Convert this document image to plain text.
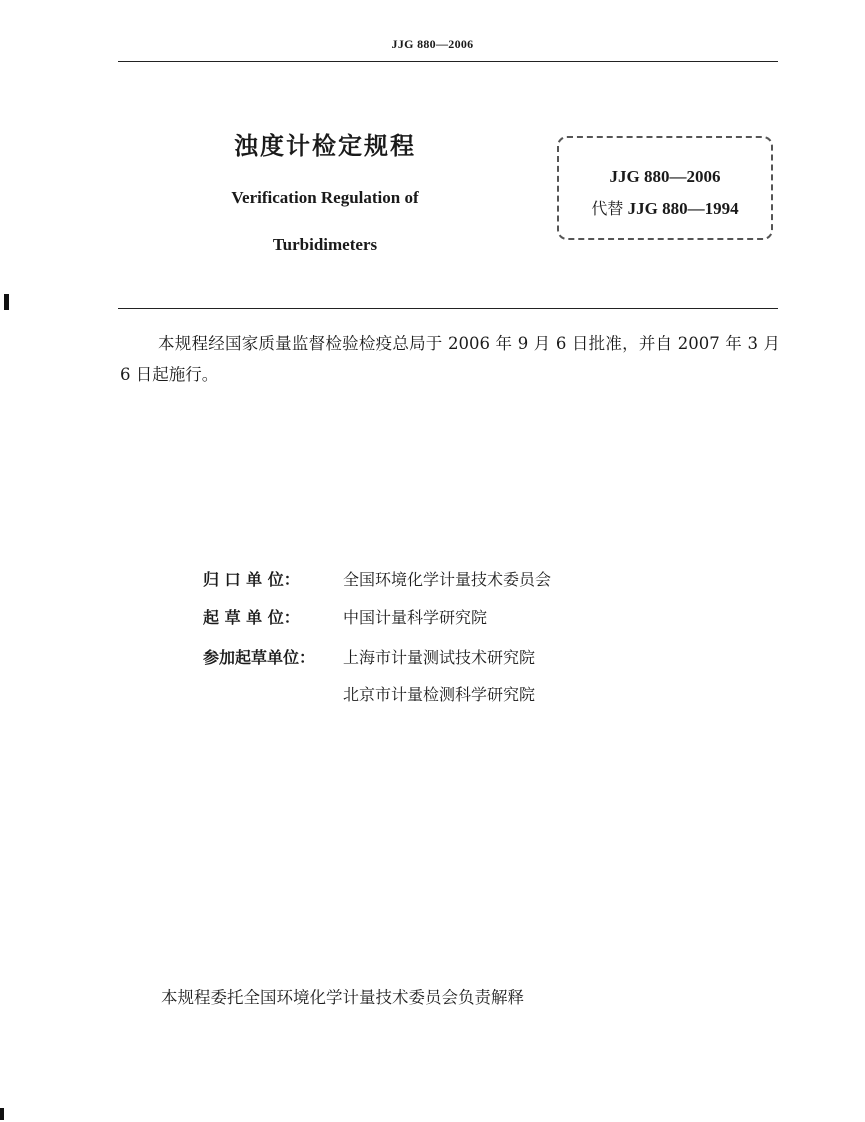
JJG 880—2006
浊度计检定规程
Verification Regulation of
Turbidimeters
JJG 880—2006
代替 JJG 880—1994
本规程经国家质量监督检验检疫总局于 2006 年 9 月 6 日批准，并自 2007 年 3 月 6 日起施行。
归 口 单 位：	全国环境化学计量技术委员会
起 草 单 位：	中国计量科学研究院
参加起草单位：	上海市计量测试技术研究院
北京市计量检测科学研究院
本规程委托全国环境化学计量技术委员会负责解释
